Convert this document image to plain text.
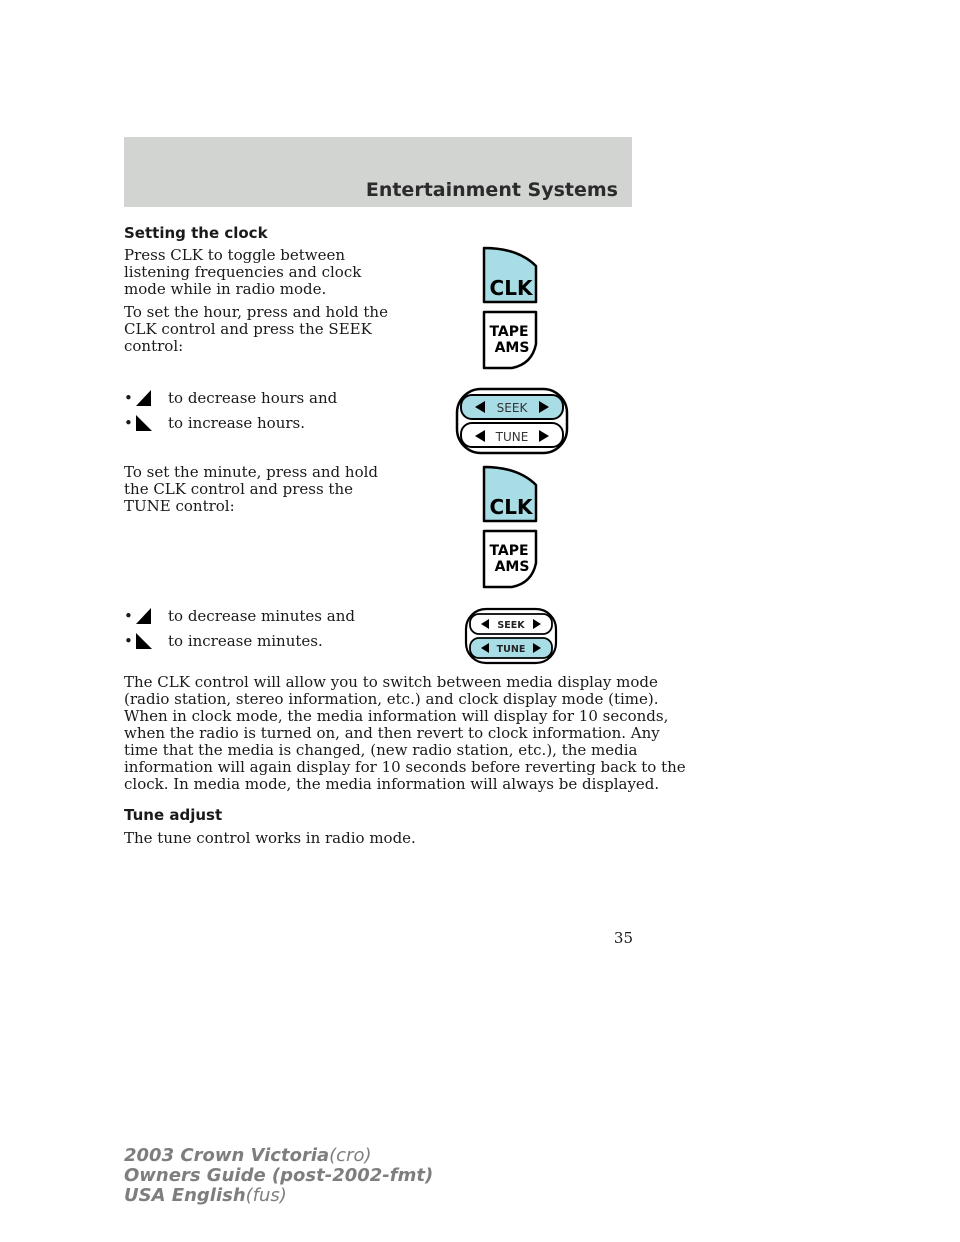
Entertainment Systems
Setting the clock

Press CLK to toggle between
listening frequencies and clock
mode while in radio mode.

To set the hour, press and hold the
CLK control and press the SEEK
control:

• to decrease hours and
• to increase hours.

To set the minute, press and hold
the CLK control and press the
TUNE control:

• to decrease minutes and
• to increase minutes.

The CLK control will allow you to switch between media display mode
(radio station, stereo information, etc.) and clock display mode (time).
When in clock mode, the media information will display for 10 seconds,
when the radio is turned on, and then revert to clock information. Any
time that the media is changed, (new radio station, etc.), the media
information will again display for 10 seconds before reverting back to the
clock. In media mode, the media information will always be displayed.

Tune adjust

The tune control works in radio mode.

CLK
TAPE
AMS
SEEK
TUNE
CLK
TAPE
AMS
SEEK
TUNE
35
2003 Crown Victoria(cro)
Owners Guide (post-2002-fmt)
USA English(fus)
